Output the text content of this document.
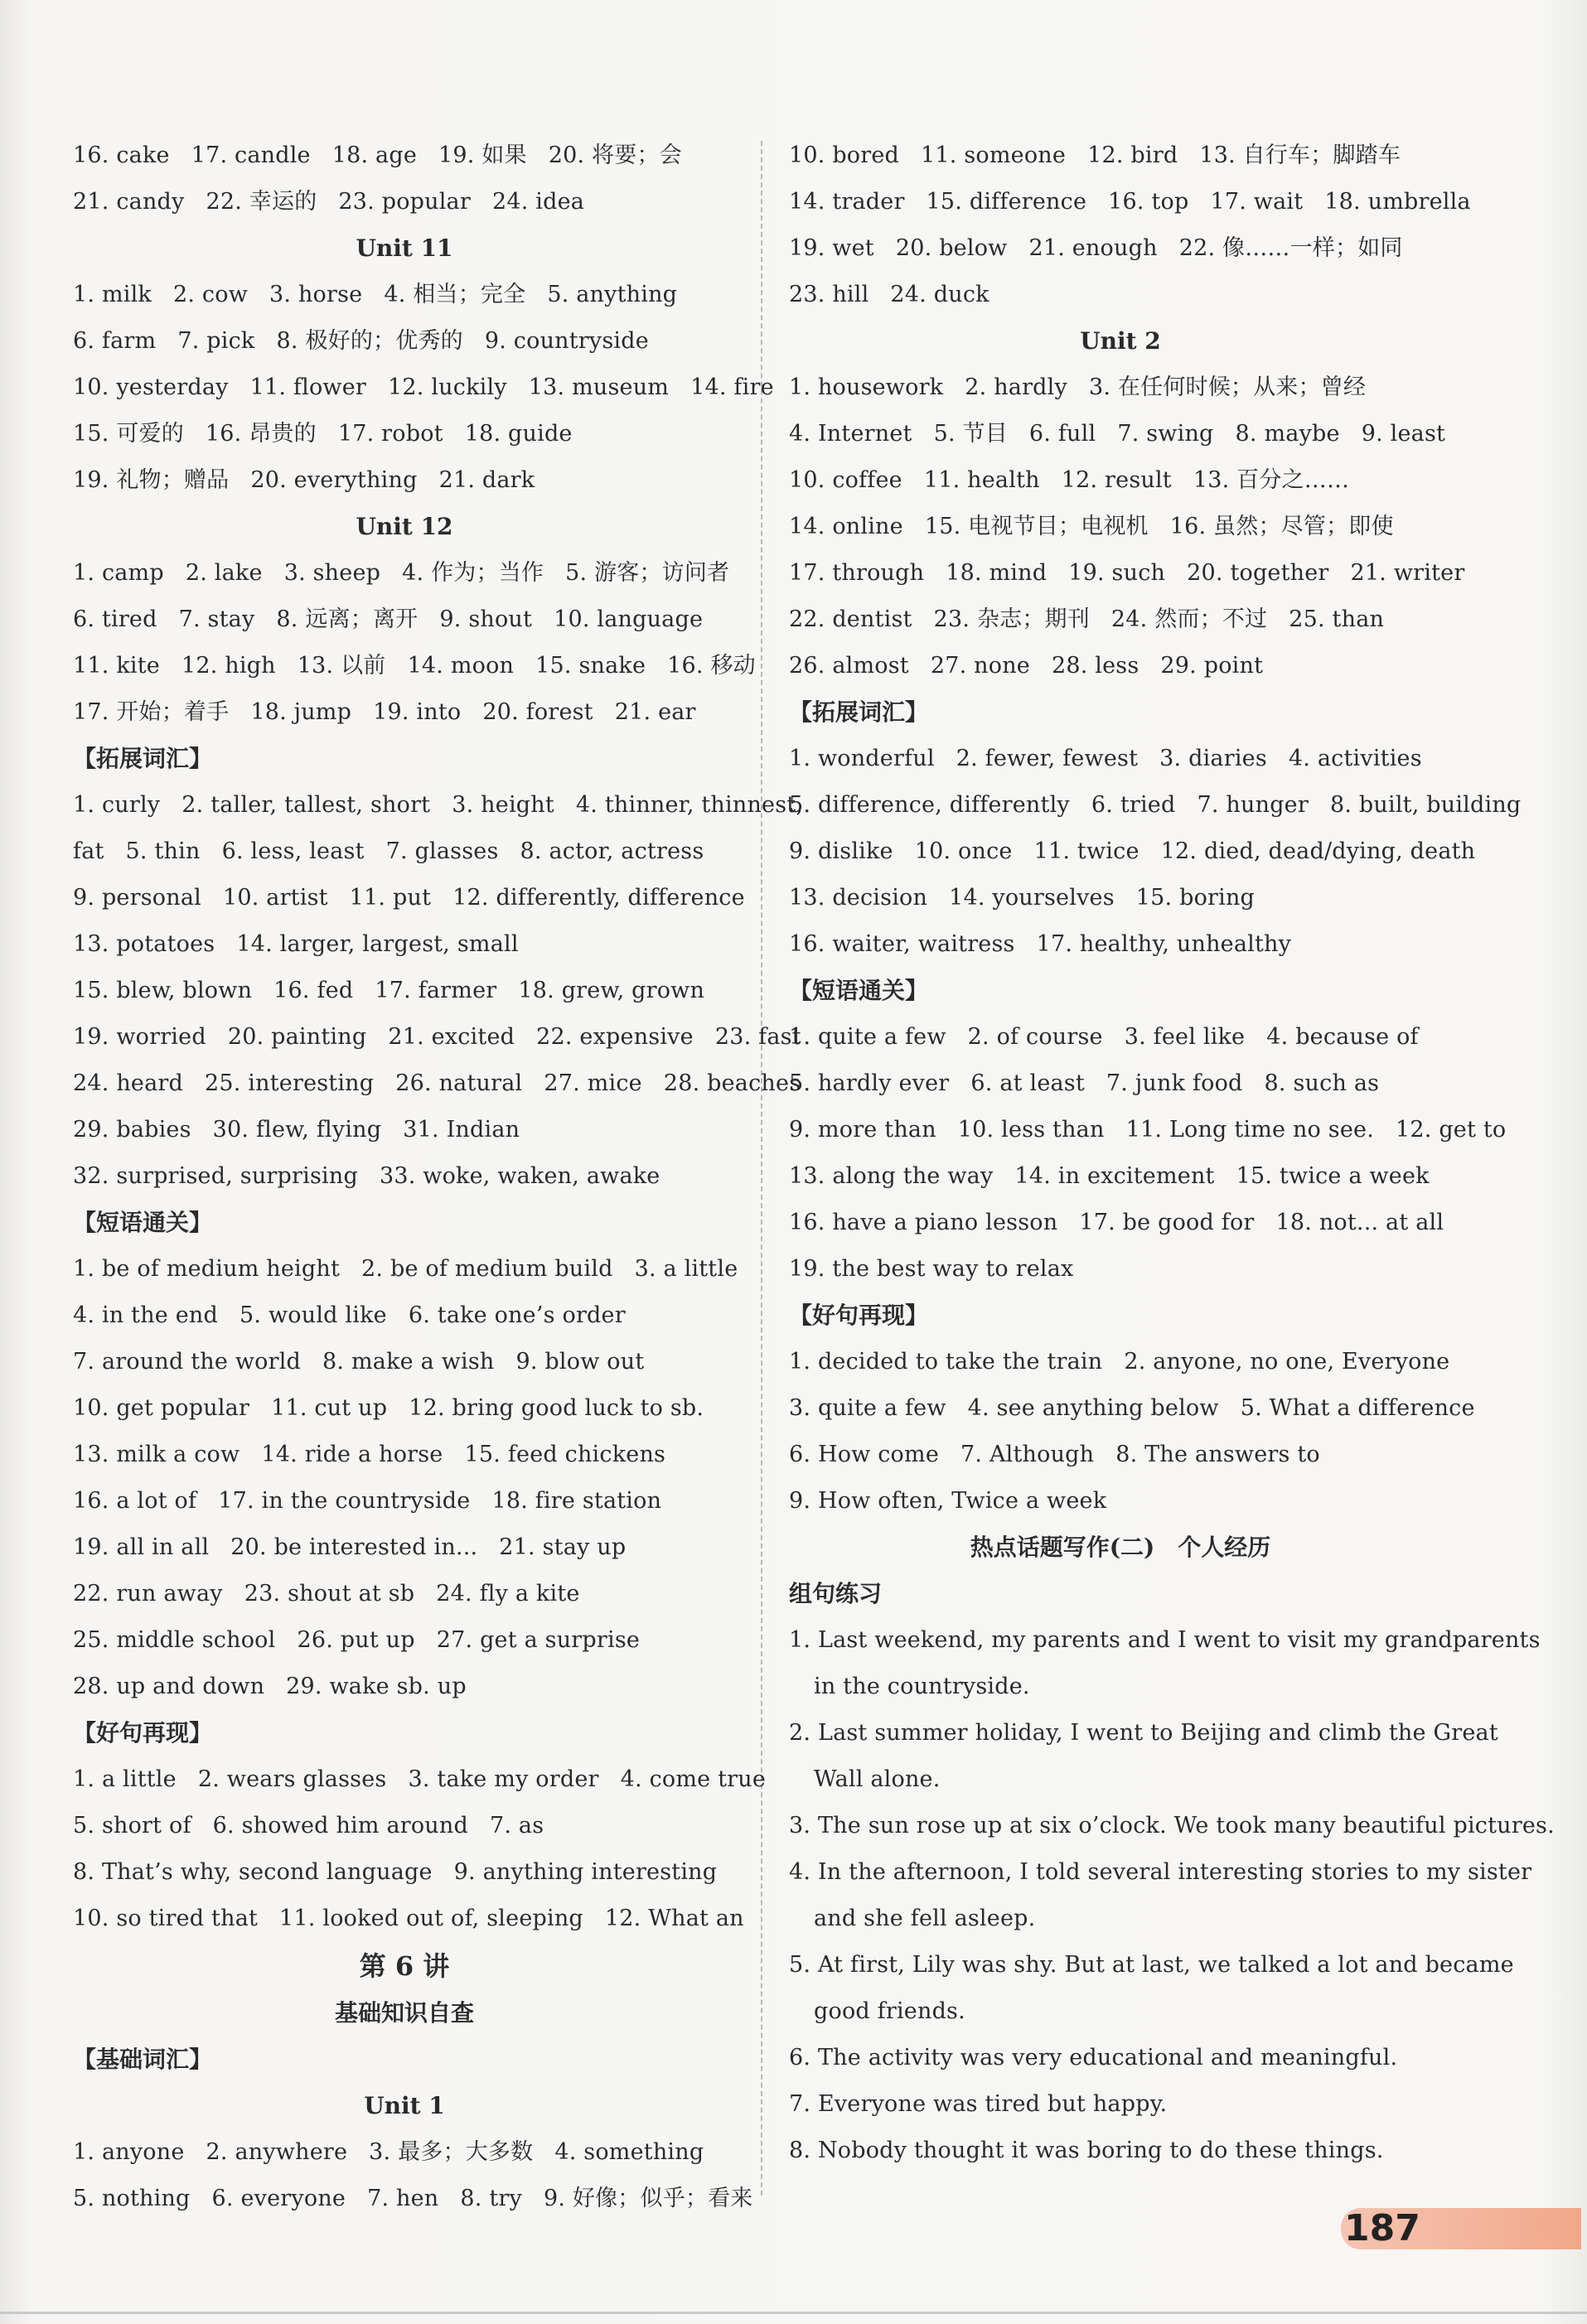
16. cake 17. candle 18. age 19. 如果 20. 将要；会
21. candy 22. 幸运的 23. popular 24. idea
Unit 11
1. milk 2. cow 3. horse 4. 相当；完全 5. anything
6. farm 7. pick 8. 极好的；优秀的 9. countryside
10. yesterday 11. flower 12. luckily 13. museum 14. fire
15. 可爱的 16. 昂贵的 17. robot 18. guide
19. 礼物；赠品 20. everything 21. dark
Unit 12
1. camp 2. lake 3. sheep 4. 作为；当作 5. 游客；访问者
6. tired 7. stay 8. 远离；离开 9. shout 10. language
11. kite 12. high 13. 以前 14. moon 15. snake 16. 移动
17. 开始；着手 18. jump 19. into 20. forest 21. ear
【拓展词汇】
1. curly 2. taller, tallest, short 3. height 4. thinner, thinnest,
fat 5. thin 6. less, least 7. glasses 8. actor, actress
9. personal 10. artist 11. put 12. differently, difference
13. potatoes 14. larger, largest, small
15. blew, blown 16. fed 17. farmer 18. grew, grown
19. worried 20. painting 21. excited 22. expensive 23. fast
24. heard 25. interesting 26. natural 27. mice 28. beaches
29. babies 30. flew, flying 31. Indian
32. surprised, surprising 33. woke, waken, awake
【短语通关】
1. be of medium height 2. be of medium build 3. a little
4. in the end 5. would like 6. take one’s order
7. around the world 8. make a wish 9. blow out
10. get popular 11. cut up 12. bring good luck to sb.
13. milk a cow 14. ride a horse 15. feed chickens
16. a lot of 17. in the countryside 18. fire station
19. all in all 20. be interested in... 21. stay up
22. run away 23. shout at sb 24. fly a kite
25. middle school 26. put up 27. get a surprise
28. up and down 29. wake sb. up
【好句再现】
1. a little 2. wears glasses 3. take my order 4. come true
5. short of 6. showed him around 7. as
8. That’s why, second language 9. anything interesting
10. so tired that 11. looked out of, sleeping 12. What an
第 6 讲
基础知识自查
【基础词汇】
Unit 1
1. anyone 2. anywhere 3. 最多；大多数 4. something
5. nothing 6. everyone 7. hen 8. try 9. 好像；似乎；看来
10. bored 11. someone 12. bird 13. 自行车；脚踏车
14. trader 15. difference 16. top 17. wait 18. umbrella
19. wet 20. below 21. enough 22. 像……一样；如同
23. hill 24. duck
Unit 2
1. housework 2. hardly 3. 在任何时候；从来；曾经
4. Internet 5. 节目 6. full 7. swing 8. maybe 9. least
10. coffee 11. health 12. result 13. 百分之……
14. online 15. 电视节目；电视机 16. 虽然；尽管；即使
17. through 18. mind 19. such 20. together 21. writer
22. dentist 23. 杂志；期刊 24. 然而；不过 25. than
26. almost 27. none 28. less 29. point
【拓展词汇】
1. wonderful 2. fewer, fewest 3. diaries 4. activities
5. difference, differently 6. tried 7. hunger 8. built, building
9. dislike 10. once 11. twice 12. died, dead/dying, death
13. decision 14. yourselves 15. boring
16. waiter, waitress 17. healthy, unhealthy
【短语通关】
1. quite a few 2. of course 3. feel like 4. because of
5. hardly ever 6. at least 7. junk food 8. such as
9. more than 10. less than 11. Long time no see. 12. get to
13. along the way 14. in excitement 15. twice a week
16. have a piano lesson 17. be good for 18. not... at all
19. the best way to relax
【好句再现】
1. decided to take the train 2. anyone, no one, Everyone
3. quite a few 4. see anything below 5. What a difference
6. How come 7. Although 8. The answers to
9. How often, Twice a week
热点话题写作(二)　个人经历
组句练习
1. Last weekend, my parents and I went to visit my grandparents
in the countryside.
2. Last summer holiday, I went to Beijing and climb the Great
Wall alone.
3. The sun rose up at six o’clock. We took many beautiful pictures.
4. In the afternoon, I told several interesting stories to my sister
and she fell asleep.
5. At first, Lily was shy. But at last, we talked a lot and became
good friends.
6. The activity was very educational and meaningful.
7. Everyone was tired but happy.
8. Nobody thought it was boring to do these things.
187
